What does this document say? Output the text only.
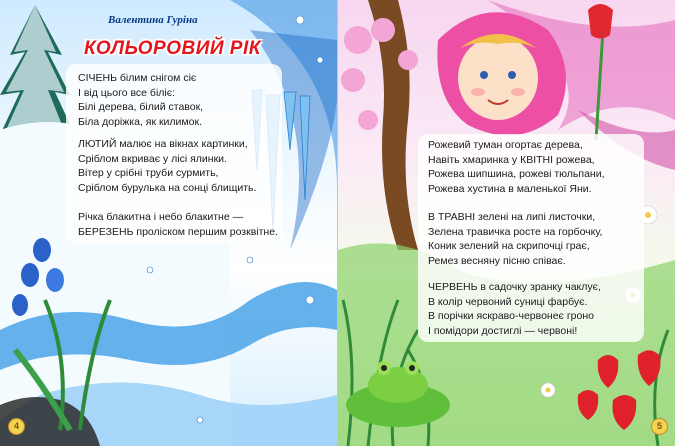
Валентина Гуріна
КОЛЬОРОВИЙ РІК
СІЧЕНЬ білим снігом сіє
І від цього все біліє:
Білі дерева, білий ставок,
Біла доріжка, як килимок.
ЛЮТИЙ малює на вікнах картинки,
Сріблом вкриває у лісі ялинки.
Вітер у срібні труби сурмить,
Сріблом бурулька на сонці блищить.
Річка блакитна і небо блакитне —
БЕРЕЗЕНЬ проліском першим розквітне.
4
Рожевий туман огортає дерева,
Навіть хмаринка у КВІТНІ рожева,
Рожева шипшина, рожеві тюльпани,
Рожева хустина в маленької Яни.
В ТРАВНІ зелені на липі листочки,
Зелена травичка росте на горбочку,
Коник зелений на скрипочці грає,
Ремез весняну пісню співає.
ЧЕРВЕНЬ в садочку зранку чаклує,
В колір червоний суниці фарбує.
В порічки яскраво-червонеє гроно
І помідори достиглі — червоні!
5
